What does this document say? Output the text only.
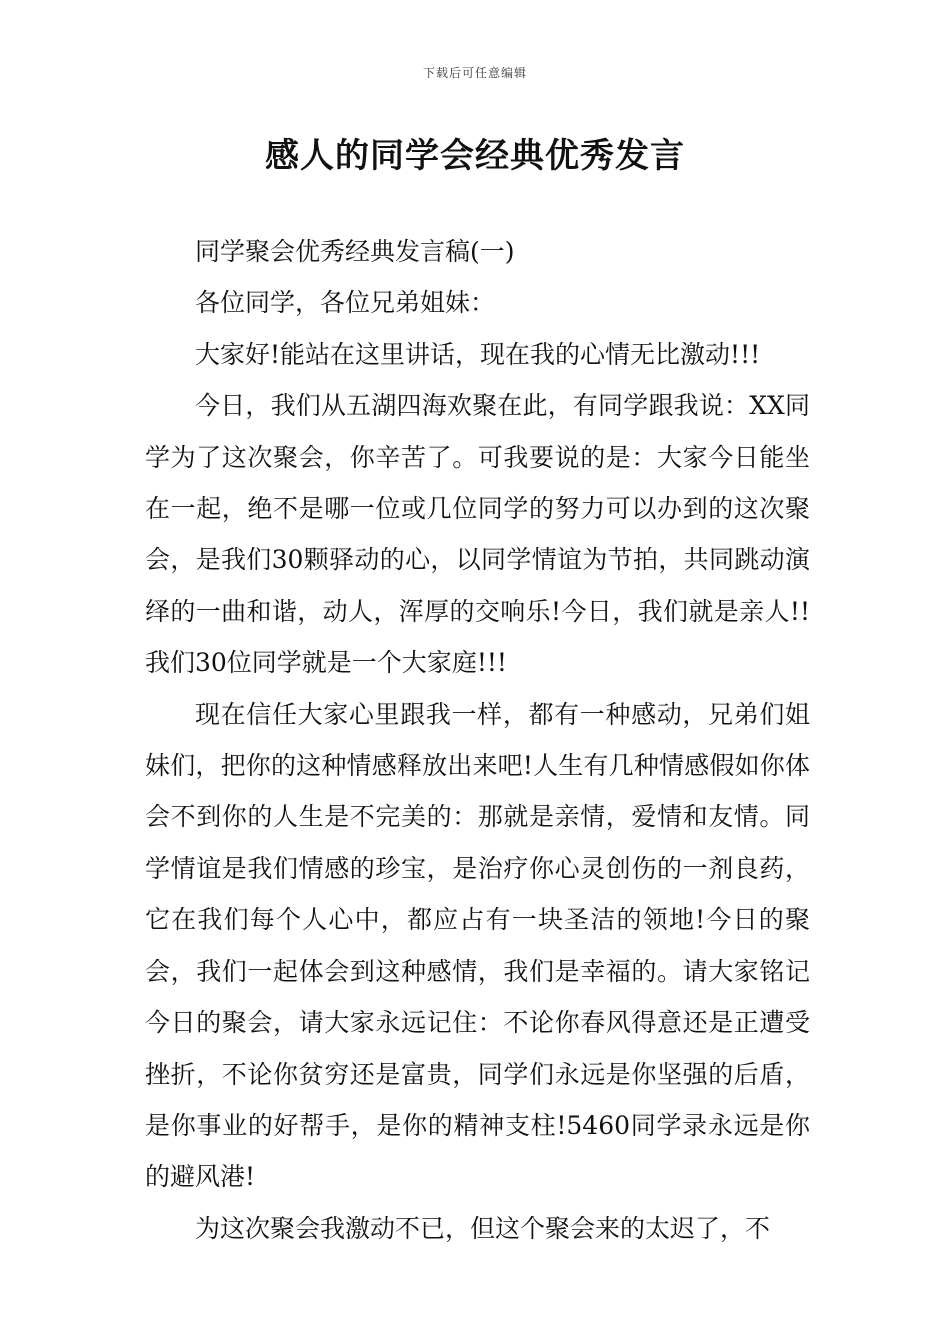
下载后可任意编辑
感人的同学会经典优秀发言

同学聚会优秀经典发言稿(一)

各位同学，各位兄弟姐妹：

大家好!能站在这里讲话，现在我的心情无比激动!!!

今日，我们从五湖四海欢聚在此，有同学跟我说：XX同学为了这次聚会，你辛苦了。可我要说的是：大家今日能坐在一起，绝不是哪一位或几位同学的努力可以办到的这次聚会，是我们30颗驿动的心，以同学情谊为节拍，共同跳动演绎的一曲和谐，动人，浑厚的交响乐!今日，我们就是亲人!!我们30位同学就是一个大家庭!!!

现在信任大家心里跟我一样，都有一种感动，兄弟们姐妹们，把你的这种情感释放出来吧!人生有几种情感假如你体会不到你的人生是不完美的：那就是亲情，爱情和友情。同学情谊是我们情感的珍宝，是治疗你心灵创伤的一剂良药，它在我们每个人心中，都应占有一块圣洁的领地!今日的聚会，我们一起体会到这种感情，我们是幸福的。请大家铭记今日的聚会，请大家永远记住：不论你春风得意还是正遭受挫折，不论你贫穷还是富贵，同学们永远是你坚强的后盾，是你事业的好帮手，是你的精神支柱!5460同学录永远是你的避风港!

为这次聚会我激动不已，但这个聚会来的太迟了，不
